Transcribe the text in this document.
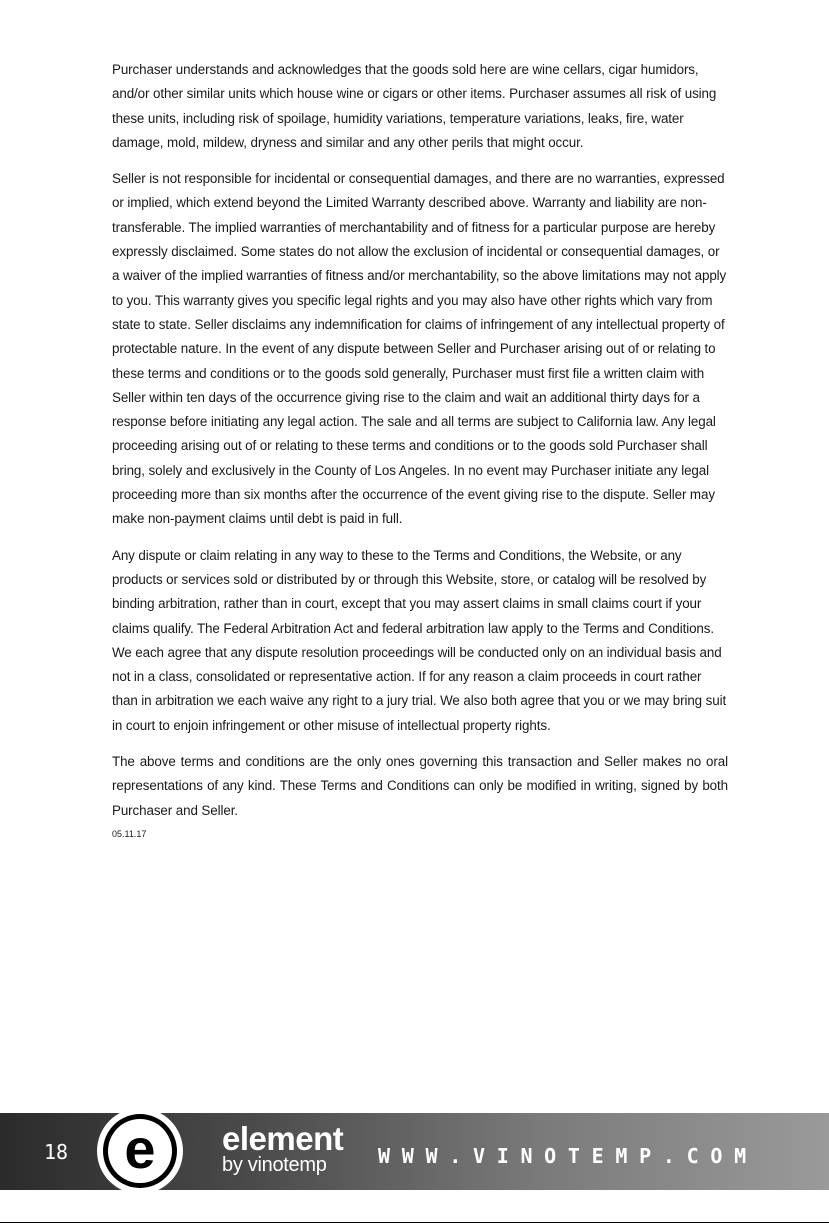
Purchaser understands and acknowledges that the goods sold here are wine cellars, cigar humidors, and/or other similar units which house wine or cigars or other items. Purchaser assumes all risk of using these units, including risk of spoilage, humidity variations, temperature variations, leaks, fire, water damage, mold, mildew, dryness and similar and any other perils that might occur.

Seller is not responsible for incidental or consequential damages, and there are no warranties, expressed or implied, which extend beyond the Limited Warranty described above. Warranty and liability are non-transferable. The implied warranties of merchantability and of fitness for a particular purpose are hereby expressly disclaimed. Some states do not allow the exclusion of incidental or consequential damages, or a waiver of the implied warranties of fitness and/or merchantability, so the above limitations may not apply to you. This warranty gives you specific legal rights and you may also have other rights which vary from state to state. Seller disclaims any indemnification for claims of infringement of any intellectual property of protectable nature. In the event of any dispute between Seller and Purchaser arising out of or relating to these terms and conditions or to the goods sold generally, Purchaser must first file a written claim with Seller within ten days of the occurrence giving rise to the claim and wait an additional thirty days for a response before initiating any legal action. The sale and all terms are subject to California law. Any legal proceeding arising out of or relating to these terms and conditions or to the goods sold Purchaser shall bring, solely and exclusively in the County of Los Angeles. In no event may Purchaser initiate any legal proceeding more than six months after the occurrence of the event giving rise to the dispute. Seller may make non-payment claims until debt is paid in full.

Any dispute or claim relating in any way to these to the Terms and Conditions, the Website, or any products or services sold or distributed by or through this Website, store, or catalog will be resolved by binding arbitration, rather than in court, except that you may assert claims in small claims court if your claims qualify. The Federal Arbitration Act and federal arbitration law apply to the Terms and Conditions. We each agree that any dispute resolution proceedings will be conducted only on an individual basis and not in a class, consolidated or representative action. If for any reason a claim proceeds in court rather than in arbitration we each waive any right to a jury trial. We also both agree that you or we may bring suit in court to enjoin infringement or other misuse of intellectual property rights.

The above terms and conditions are the only ones governing this transaction and Seller makes no oral representations of any kind. These Terms and Conditions can only be modified in writing, signed by both Purchaser and Seller.

05.11.17
18 e element
by vinotemp	WWW.VINOTEMP.COM
